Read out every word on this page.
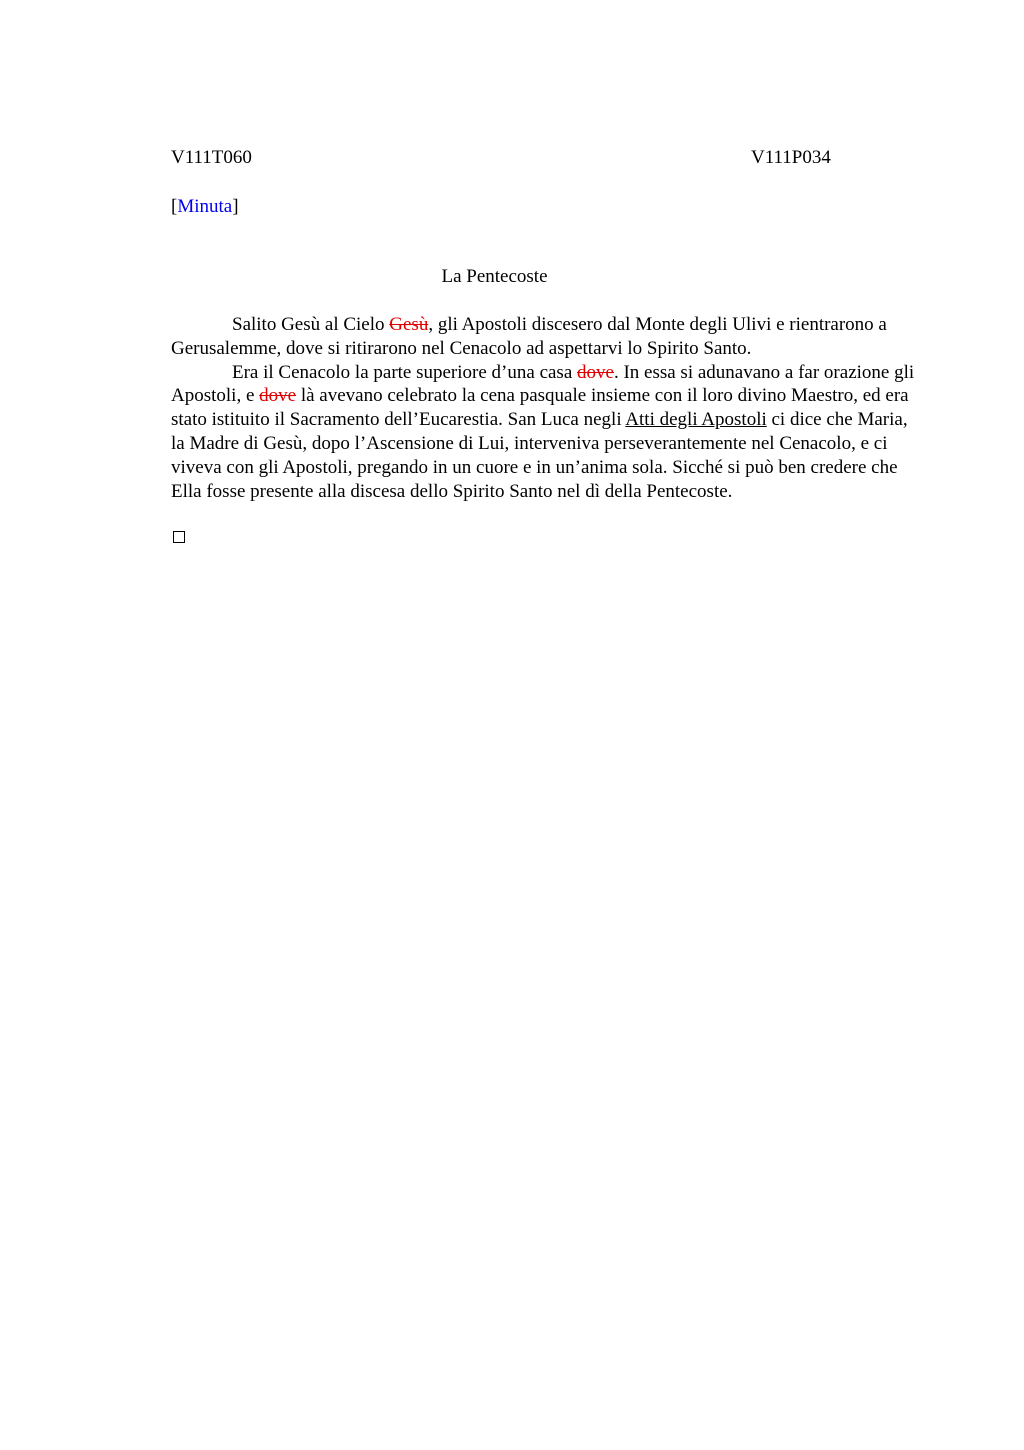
V111T060	V111P034
[Minuta]
La Pentecoste

Salito Gesù al Cielo Gesù, gli Apostoli discesero dal Monte degli Ulivi e rientrarono a Gerusalemme, dove si ritirarono nel Cenacolo ad aspettarvi lo Spirito Santo.

Era il Cenacolo la parte superiore d’una casa dove. In essa si adunavano a far orazione gli Apostoli, e dove là avevano celebrato la cena pasquale insieme con il loro divino Maestro, ed era stato istituito il Sacramento dell’Eucarestia. San Luca negli Atti degli Apostoli ci dice che Maria, la Madre di Gesù, dopo l’Ascensione di Lui, interveniva perseverantemente nel Cenacolo, e ci viveva con gli Apostoli, pregando in un cuore e in un’anima sola. Sicché si può ben credere che Ella fosse presente alla discesa dello Spirito Santo nel dì della Pentecoste.
